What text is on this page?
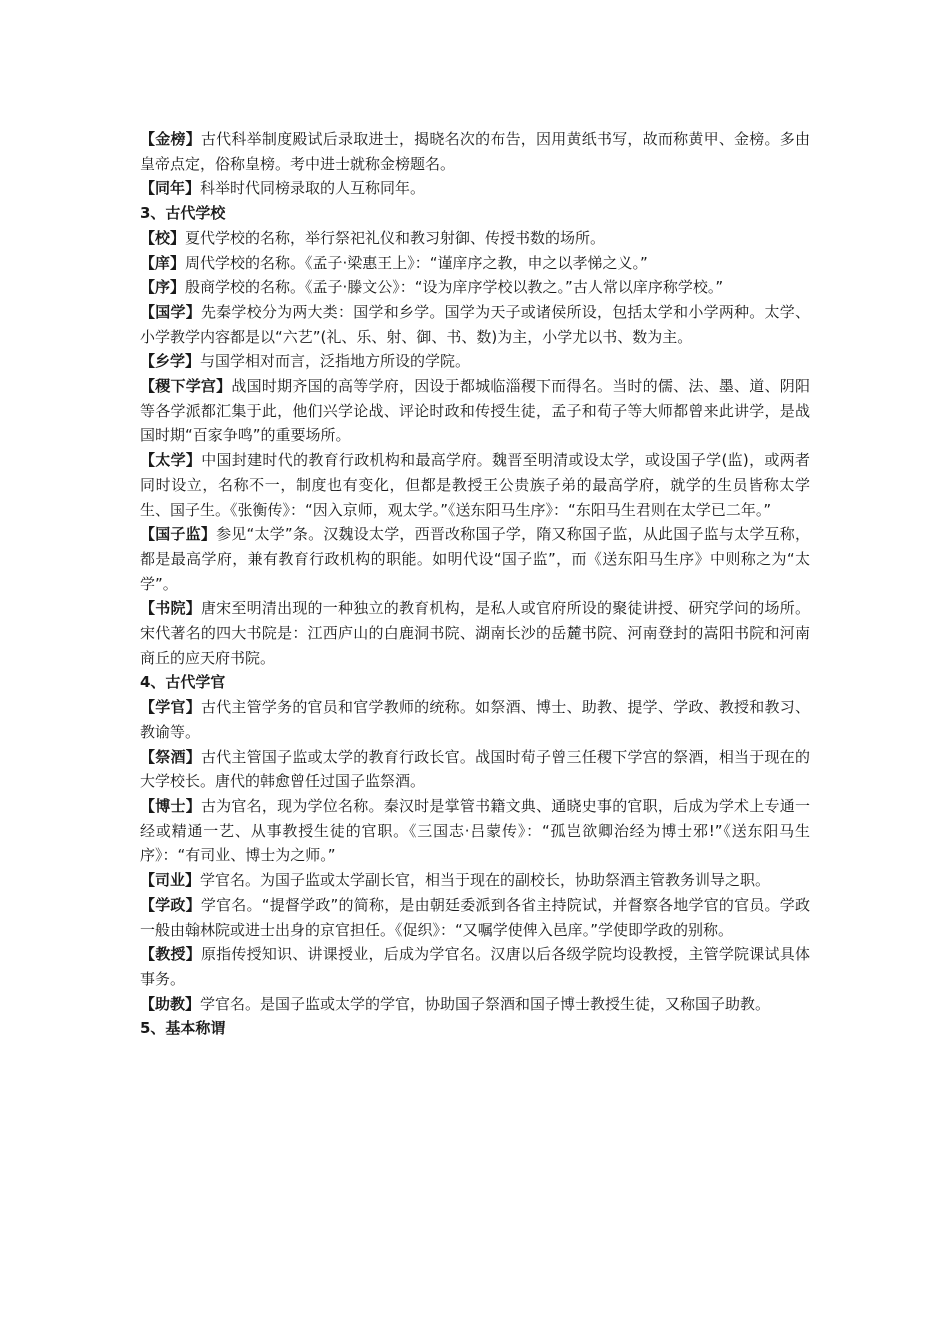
【金榜】古代科举制度殿试后录取进士，揭晓名次的布告，因用黄纸书写，故而称黄甲、金榜。多由皇帝点定，俗称皇榜。考中进士就称金榜题名。

【同年】科举时代同榜录取的人互称同年。

3、古代学校

【校】夏代学校的名称，举行祭祀礼仪和教习射御、传授书数的场所。

【庠】周代学校的名称。《孟子·梁惠王上》：“谨庠序之教，申之以孝悌之义。”

【序】殷商学校的名称。《孟子·滕文公》：“设为庠序学校以教之。”古人常以庠序称学校。”

【国学】先秦学校分为两大类：国学和乡学。国学为天子或诸侯所设，包括太学和小学两种。太学、小学教学内容都是以“六艺”(礼、乐、射、御、书、数)为主，小学尤以书、数为主。

【乡学】与国学相对而言，泛指地方所设的学院。

【稷下学宫】战国时期齐国的高等学府，因设于都城临淄稷下而得名。当时的儒、法、墨、道、阴阳等各学派都汇集于此，他们兴学论战、评论时政和传授生徒，孟子和荀子等大师都曾来此讲学，是战国时期“百家争鸣”的重要场所。

【太学】中国封建时代的教育行政机构和最高学府。魏晋至明清或设太学，或设国子学(监)，或两者同时设立，名称不一，制度也有变化，但都是教授王公贵族子弟的最高学府，就学的生员皆称太学生、国子生。《张衡传》：“因入京师，观太学。”《送东阳马生序》：“东阳马生君则在太学已二年。”

【国子监】参见“太学”条。汉魏设太学，西晋改称国子学，隋又称国子监，从此国子监与太学互称，都是最高学府，兼有教育行政机构的职能。如明代设“国子监”，而《送东阳马生序》中则称之为“太学”。

【书院】唐宋至明清出现的一种独立的教育机构，是私人或官府所设的聚徒讲授、研究学问的场所。宋代著名的四大书院是：江西庐山的白鹿洞书院、湖南长沙的岳麓书院、河南登封的嵩阳书院和河南商丘的应天府书院。

4、古代学官

【学官】古代主管学务的官员和官学教师的统称。如祭酒、博士、助教、提学、学政、教授和教习、教谕等。

【祭酒】古代主管国子监或太学的教育行政长官。战国时荀子曾三任稷下学宫的祭酒，相当于现在的大学校长。唐代的韩愈曾任过国子监祭酒。

【博士】古为官名，现为学位名称。秦汉时是掌管书籍文典、通晓史事的官职，后成为学术上专通一经或精通一艺、从事教授生徒的官职。《三国志·吕蒙传》：“孤岂欲卿治经为博士邪!”《送东阳马生序》：“有司业、博士为之师。”

【司业】学官名。为国子监或太学副长官，相当于现在的副校长，协助祭酒主管教务训导之职。

【学政】学官名。“提督学政”的简称，是由朝廷委派到各省主持院试，并督察各地学官的官员。学政一般由翰林院或进士出身的京官担任。《促织》：“又嘱学使俾入邑庠。”学使即学政的别称。

【教授】原指传授知识、讲课授业，后成为学官名。汉唐以后各级学院均设教授，主管学院课试具体事务。

【助教】学官名。是国子监或太学的学官，协助国子祭酒和国子博士教授生徒，又称国子助教。

5、基本称谓
